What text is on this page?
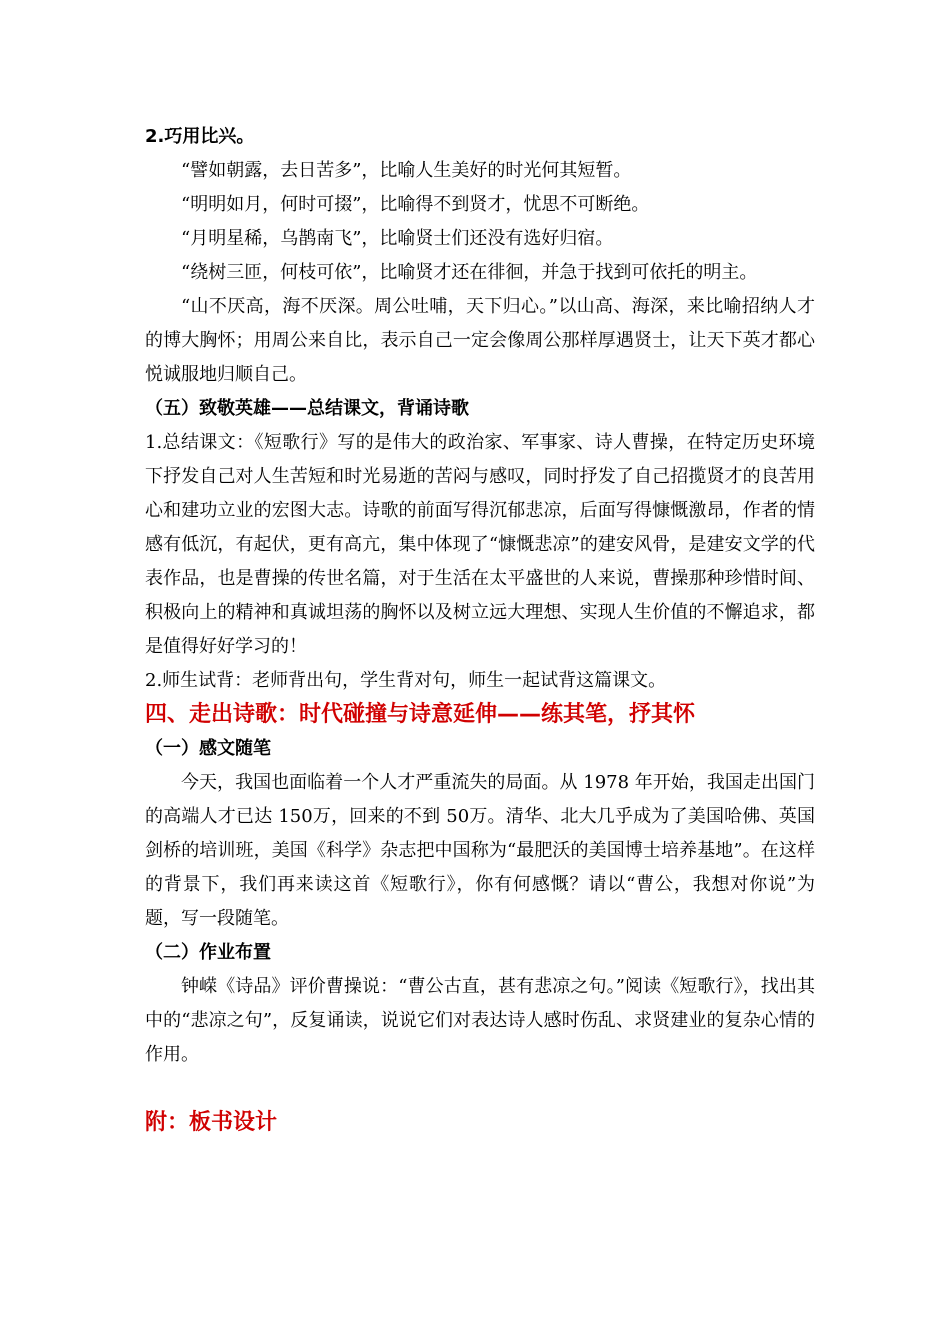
2.巧用比兴。

“譬如朝露，去日苦多”，比喻人生美好的时光何其短暂。

“明明如月，何时可掇”，比喻得不到贤才，忧思不可断绝。

“月明星稀，乌鹊南飞”，比喻贤士们还没有选好归宿。

“绕树三匝，何枝可依”，比喻贤才还在徘徊，并急于找到可依托的明主。

“山不厌高，海不厌深。周公吐哺，天下归心。”以山高、海深，来比喻招纳人才的博大胸怀；用周公来自比，表示自己一定会像周公那样厚遇贤士，让天下英才都心悦诚服地归顺自己。

（五）致敬英雄——总结课文，背诵诗歌

1.总结课文：《短歌行》写的是伟大的政治家、军事家、诗人曹操，在特定历史环境下抒发自己对人生苦短和时光易逝的苦闷与感叹，同时抒发了自己招揽贤才的良苦用心和建功立业的宏图大志。诗歌的前面写得沉郁悲凉，后面写得慷慨激昂，作者的情感有低沉，有起伏，更有高亢，集中体现了“慷慨悲凉”的建安风骨，是建安文学的代表作品，也是曹操的传世名篇，对于生活在太平盛世的人来说，曹操那种珍惜时间、积极向上的精神和真诚坦荡的胸怀以及树立远大理想、实现人生价值的不懈追求，都是值得好好学习的！

2.师生试背：老师背出句，学生背对句，师生一起试背这篇课文。

四、走出诗歌：时代碰撞与诗意延伸——练其笔，抒其怀

（一）感文随笔

今天，我国也面临着一个人才严重流失的局面。从 1978 年开始，我国走出国门的高端人才已达 150万，回来的不到 50万。清华、北大几乎成为了美国哈佛、英国剑桥的培训班，美国《科学》杂志把中国称为“最肥沃的美国博士培养基地”。在这样的背景下，我们再来读这首《短歌行》，你有何感慨？请以“曹公，我想对你说”为题，写一段随笔。

（二）作业布置

钟嵘《诗品》评价曹操说：“曹公古直，甚有悲凉之句。”阅读《短歌行》，找出其中的“悲凉之句”，反复诵读，说说它们对表达诗人感时伤乱、求贤建业的复杂心情的作用。

附：板书设计
